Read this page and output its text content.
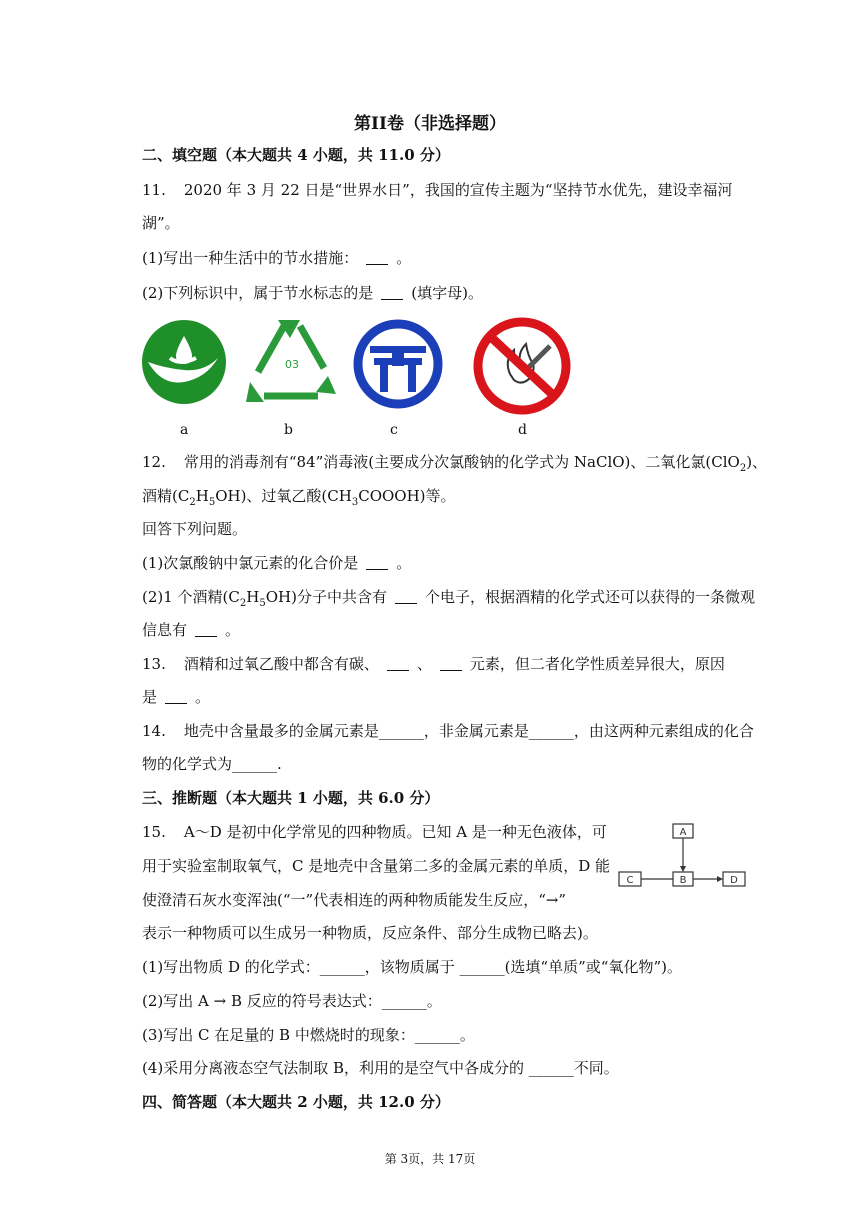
第II卷（非选择题）
二、填空题（本大题共 4 小题，共 11.0 分）
11. 2020 年 3 月 22 日是“世界水日”，我国的宣传主题为“坚持节水优先，建设幸福河
湖”。
(1)写出一种生活中的节水措施：	。
(2)下列标识中，属于节水标志的是	(填字母)。
03
a	b	c	d
12. 常用的消毒剂有“84”消毒液(主要成分次氯酸钠的化学式为 NaClO)、二氧化氯(ClO$_2$)、
酒精$(C_2H_5OH)$、过氧乙酸$(CH_3COOOH)$等。
回答下列问题。
(1)次氯酸钠中氯元素的化合价是	。
(2)1 个酒精$(C_2H_5OH)$分子中共含有	个电子，根据酒精的化学式还可以获得的一条微观
信息有	。
13. 酒精和过氧乙酸中都含有碳、	、	元素，但二者化学性质差异很大，原因
是	。
14. 地壳中含量最多的金属元素是______，非金属元素是______，由这两种元素组成的化合
物的化学式为______.
三、推断题（本大题共 1 小题，共 6.0 分）
15. A～D 是初中化学常见的四种物质。已知 A 是一种无色液体，可
用于实验室制取氧气，C 是地壳中含量第二多的金属元素的单质，D 能
使澄清石灰水变浑浊(“一”代表相连的两种物质能发生反应，“→”
表示一种物质可以生成另一种物质，反应条件、部分生成物已略去)。
(1)写出物质 D 的化学式：______，该物质属于 ______(选填“单质”或“氧化物”)。
(2)写出 A → B 反应的符号表达式：______。
(3)写出 C 在足量的 B 中燃烧时的现象：______。
(4)采用分离液态空气法制取 B，利用的是空气中各成分的 ______不同。
A
B
C	D
四、简答题（本大题共 2 小题，共 12.0 分）
第 3页，共 17页
